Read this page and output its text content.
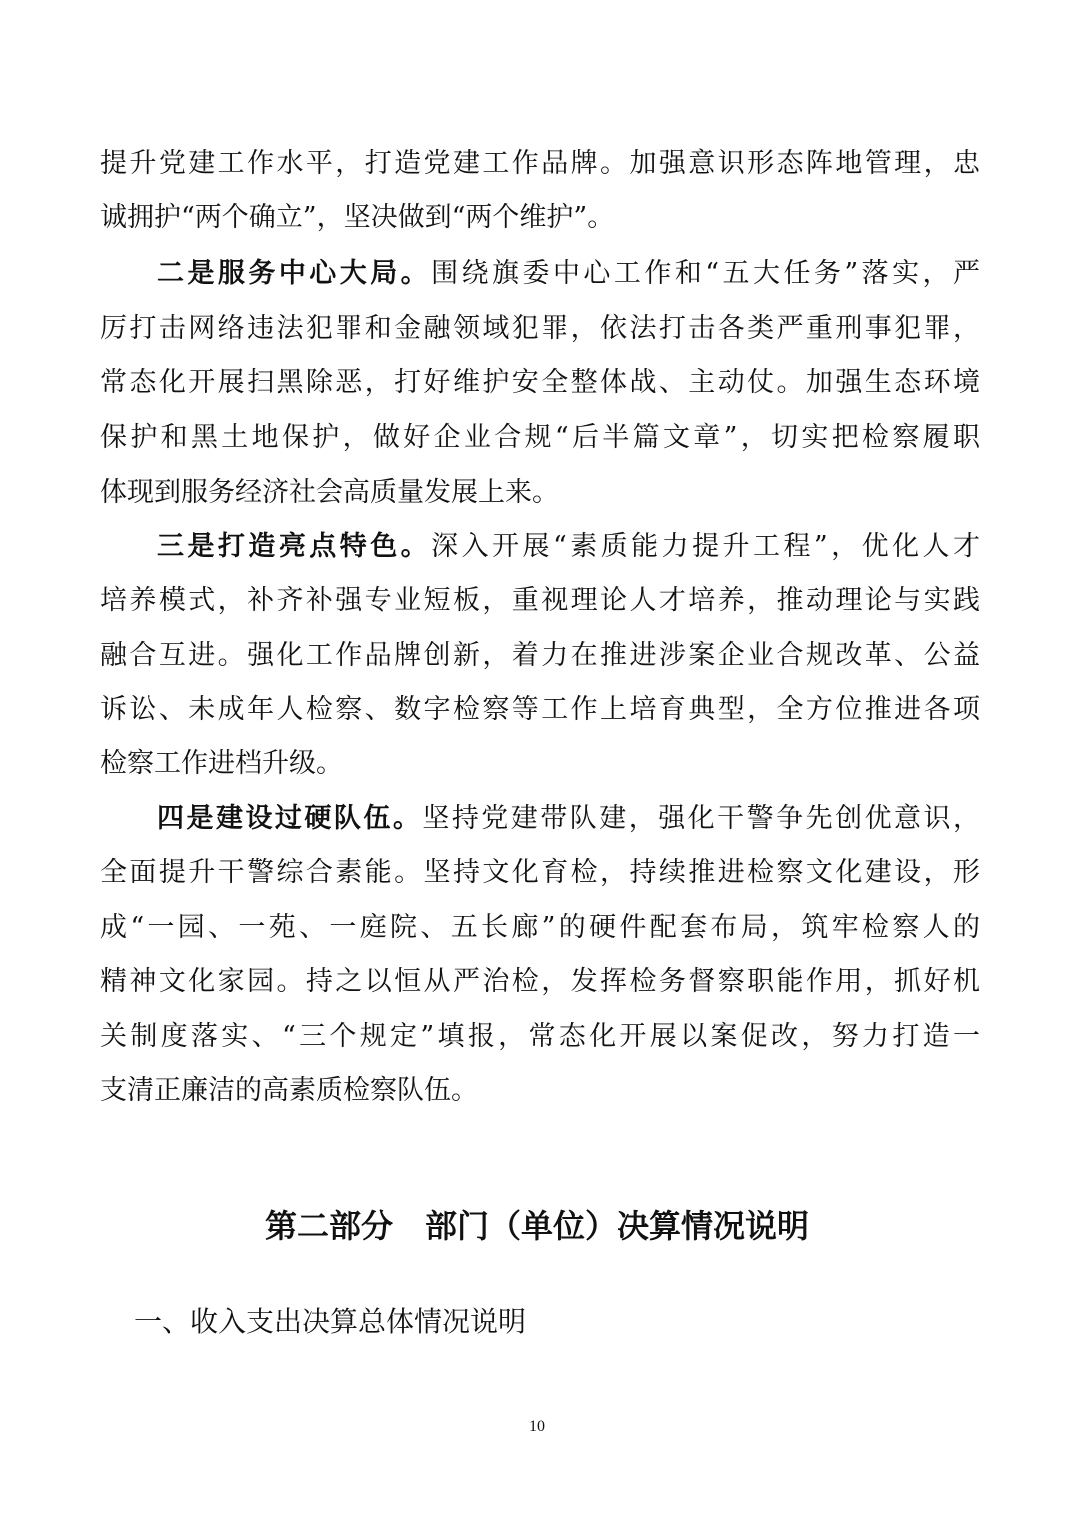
提升党建工作水平，打造党建工作品牌。加强意识形态阵地管理，忠
诚拥护“两个确立”，坚决做到“两个维护”。
二是服务中心大局。围绕旗委中心工作和“五大任务”落实，严
厉打击网络违法犯罪和金融领域犯罪，依法打击各类严重刑事犯罪，
常态化开展扫黑除恶，打好维护安全整体战、主动仗。加强生态环境
保护和黑土地保护，做好企业合规“后半篇文章”，切实把检察履职
体现到服务经济社会高质量发展上来。
三是打造亮点特色。深入开展“素质能力提升工程”，优化人才
培养模式，补齐补强专业短板，重视理论人才培养，推动理论与实践
融合互进。强化工作品牌创新，着力在推进涉案企业合规改革、公益
诉讼、未成年人检察、数字检察等工作上培育典型，全方位推进各项
检察工作进档升级。
四是建设过硬队伍。坚持党建带队建，强化干警争先创优意识，
全面提升干警综合素能。坚持文化育检，持续推进检察文化建设，形
成“一园、一苑、一庭院、五长廊”的硬件配套布局，筑牢检察人的
精神文化家园。持之以恒从严治检，发挥检务督察职能作用，抓好机
关制度落实、“三个规定”填报，常态化开展以案促改，努力打造一
支清正廉洁的高素质检察队伍。
第二部分　部门（单位）决算情况说明
一、收入支出决算总体情况说明
10
